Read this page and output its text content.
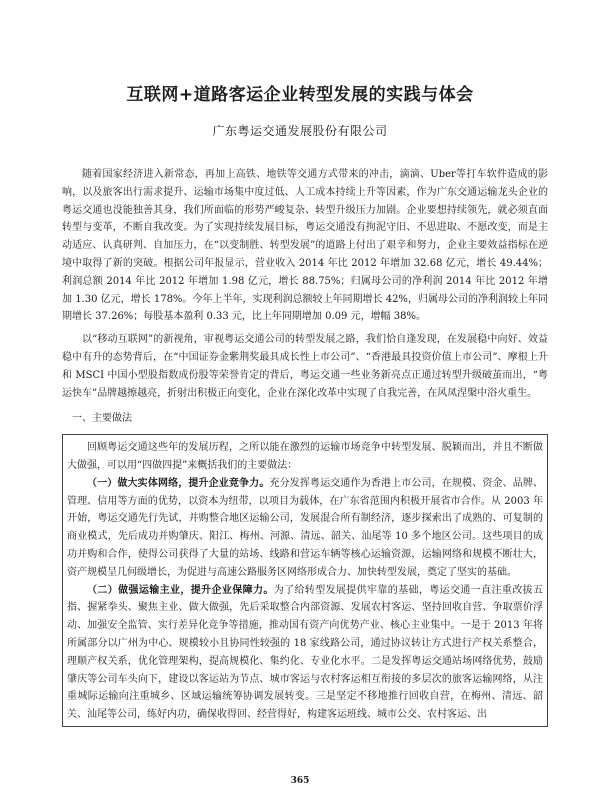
互联网+道路客运企业转型发展的实践与体会
广东粤运交通发展股份有限公司

随着国家经济进入新常态，再加上高铁、地铁等交通方式带来的冲击，滴滴、Uber等打车软件造成的影响，以及旅客出行需求提升、运输市场集中度过低、人工成本持续上升等因素，作为广东交通运输龙头企业的粤运交通也没能独善其身，我们所面临的形势严峻复杂、转型升级压力加剧。企业要想持续领先，就必须直面转型与变革，不断自我改变。为了实现持续发展目标，粤运交通没有拘泥守旧、不思进取、不愿改变，而是主动适应、认真研判、自加压力，在“以变制胜、转型发展”的道路上付出了艰辛和努力，企业主要效益指标在逆境中取得了新的突破。根据公司年报显示，营业收入 2014 年比 2012 年增加 32.68 亿元，增长 49.44%；利润总额 2014 年比 2012 年增加 1.98 亿元，增长 88.75%；归属母公司的净利润 2014 年比 2012 年增加 1.30 亿元，增长 178%。今年上半年，实现利润总额较上年同期增长 42%，归属母公司的净利润较上年同期增长 37.26%；每股基本盈利 0.33 元，比上年同期增加 0.09 元，增幅 38%。

以“移动互联网”的新视角，审视粤运交通公司的转型发展之路，我们恰自逢发现，在发展稳中向好、效益稳中有升的态势背后，在“中国证券金紫荆奖最具成长性上市公司”、“香港最具投资价值上市公司”、摩根上升和 MSCI 中国小型股指数成份股等荣誉肯定的背后，粤运交通一些业务新亮点正通过转型升级破茧而出，“粤运快车”品牌越擦越亮，折射出积极正向变化，企业在深化改革中实现了自我完善，在风凤涅槃中浴火重生。

一、主要做法

回顾粤运交通这些年的发展历程，之所以能在激烈的运输市场竞争中转型发展、脱颖而出，并且不断做大做强，可以用“四做四提”来概括我们的主要做法：

（一）做大实体网络，提升企业竞争力。充分发挥粤运交通作为香港上市公司，在规模、资金、品牌、管理、信用等方面的优势，以资本为纽带，以项目为载体，在广东省范围内积极开展省市合作。从 2003 年开始，粤运交通先行先试，并购整合地区运输公司，发展混合所有制经济，逐步探索出了成熟的、可复制的商业模式，先后成功并购肇庆、阳江、梅州、河源、清远、韶关、汕尾等 10 多个地区公司。这些项目的成功并购和合作，使得公司获得了大量的站场、线路和营运车辆等核心运输资源，运输网络和规模不断壮大，资产规模呈几何级增长，为促进与高速公路服务区网络形成合力、加快转型发展，奠定了坚实的基础。

（二）做强运输主业，提升企业保障力。为了给转型发展提供牢靠的基础，粤运交通一直注重改拔五指、握紧拳头、聚焦主业、做大做强，先后采取整合内部资源、发展农村客运、坚持回收自营、争取票价浮动、加强安全监管、实行差异化竞争等措施，推动国有资产向优势产业、核心主业集中。一是于 2013 年将所属部分以广州为中心、规模较小且协同性较强的 18 家线路公司，通过协议转让方式进行产权关系整合，理顺产权关系，优化管理架构，提高规模化、集约化、专业化水平。二是发挥粤运交通站场网络优势，鼓励肇庆等公司车头向下，建设以客运站为节点、城市客运与农村客运相互衔接的多层次的旅客运输网络，从注重城际运输向注重城乡、区域运输统筹协调发展转变。三是坚定不移地推行回收自营，在梅州、清远、韶关、汕尾等公司，练好内功，确保收得回、经营得好，构建客运班线、城市公交、农村客运、出

365
